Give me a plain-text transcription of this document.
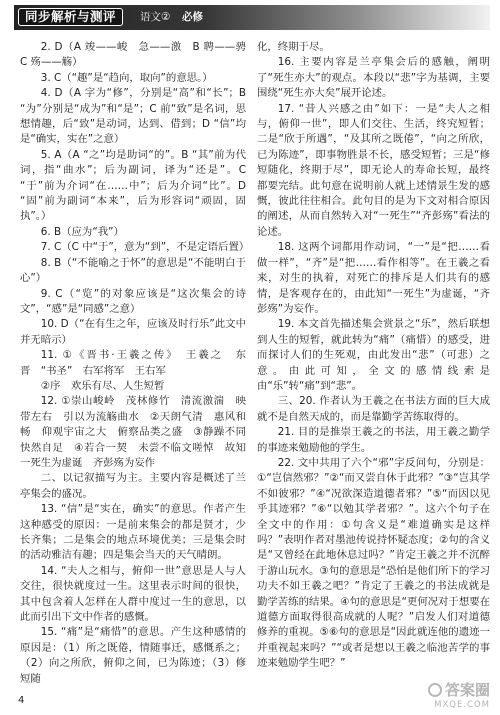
同步解析与测评	语文② 必修

2. D（A 竣——峻　急——激　B 聘——骋　C 殇——觞）

3. C（“趣”是“趋向，取向”的意思。）

4. D（A 字为“修”，分别是“高”和“长”；B “为”分别是“成为”和“是”；C 前“致”是名词，思想情趣，后“致”是动词，达到、借到；D “信”均是“确实，实在”之意）

5. A（A “之”均是助词“的”。B “其”前为代词，指“曲水”；后为副词，译为“还是”。C “于”前为介词“在……中”；后为介词“比”。D “固”前为副词“本来”，后为形容词“顽固，固执”。）

6. B（应为“我”）

7. C（C 中“于”，意为“到”，不是定语后置）

8. B（“不能喻之于怀”的意思是“不能明白于心”）

9. C（“览”的对象应该是“这次集会的诗文”，“感”是“同感”之意）

10. D（“在有生之年，应该及时行乐”此文中并无暗示）

11. ①《晋书·王羲之传》　王羲之　东晋　“书圣”　右军将军　王右军

②序　欢乐有尽、人生短暂

12. ①崇山峻岭　茂林修竹　清流激湍　映带左右　引以为流觞曲水　②天朗气清　惠风和畅　仰观宇宙之大　俯察品类之盛　③静躁不同　快然自足　④若合一契　未尝不临文嗟悼　故知一死生为虚诞　齐彭殇为妄作

二、以记叙描写为主。主要内容是概述了兰亭集会的盛况。

13. “信”是“实在，确实”的意思。作者产生这种感受的原因：一是前来集会的都是贤才，少长齐集；二是集会的地点环境优美；三是集会时的活动雅洁有趣；四是集会当天的天气晴朗。

14. “夫人之相与，俯仰一世”意思是人与人交往，很快就度过一生。这里表示时间的很快，其中包含着人怎样在人群中度过一生的意思，以此而引出下文中作者的感慨。

15. “痛”是“痛惜”的意思。产生这种感情的原因是：（1）所之既倦，情随事迁，感慨系之；（2）向之所欣，俯仰之间，已为陈迹；（3）修短随

化，终期于尽。

16. 主要内容是兰亭集会后的感触，阐明了“死生亦大”的观点。本段以“悲”字为基调，主要围绕“死生亦大矣”展开论述。

17. “昔人兴感之由”如下：一是“夫人之相与，俯仰一世”，即人们交往、生活，终究短暂；二是“欣于所遇”，“及其所之既倦”，“向之所欣，已为陈迹”，即事物胜景不长，感受短暂；三是“修短随化，终期于尽”，即无论人的寿命长短，最终都要完结。此句意在说明前人就上述情景生发的感慨，彼此往往相合。此句目的是为下文对相合原因的阐述，从而自然转入对“一死生”“齐彭殇”看法的论述。

18. 这两个词都用作动词，“一”是“把……看做一样”，“齐”是“把……看作相等”。在王羲之看来，对生的执着，对死亡的排斥是人们共有的感情，是客观存在的，由此知“一死生”为虚诞，“齐彭殇”为妄作。

19. 本文首先描述集会赏景之“乐”，然后联想到人生的短暂，就此转为“痛”（痛惜）的感受，进而探讨人们的生死观，由此发出“悲”（可悲）之意。由此可知，全文的感情线索是由“乐”转“痛”到“悲”。

三、20. 作者认为王羲之在书法方面的巨大成就不是自然天成的，而是靠勤学苦练取得的。

21. 目的是推崇王羲之的书法，用王羲之勤学的事迹来勉励他的学生。

22. 文中共用了六个“邪”字反问句，分别是：①“岂信然邪？”②“而又尝自休于此邪？”③“岂其学不如彼邪？”④“况欲深造道德者邪？”⑤“而因以见乎其迹邪？”⑥“以勉其学者邪？”。这六个句子在全文中的作用：①句含义是“难道确实是这样吗？”表明作者对墨池传说持怀疑态度；②句的含义是“又曾经在此地休息过吗？”肯定王羲之并不沉醉于游山玩水。③句的意思是“恐怕是他们所下的学习功夫不如王羲之吧？”肯定了王羲之的书法成就是勤学苦练的结果。④句的意思是“更何况对于想要在道德方面取得很高成就的人呢？”启发人们对道德修养的重视。⑤⑥句的意思是“因此就连他的遗迹一并重视起来吗？”“或者是想以王羲之临池苦学的事迹来勉励学生吧？”

4
答案圈
MXQE.COM
